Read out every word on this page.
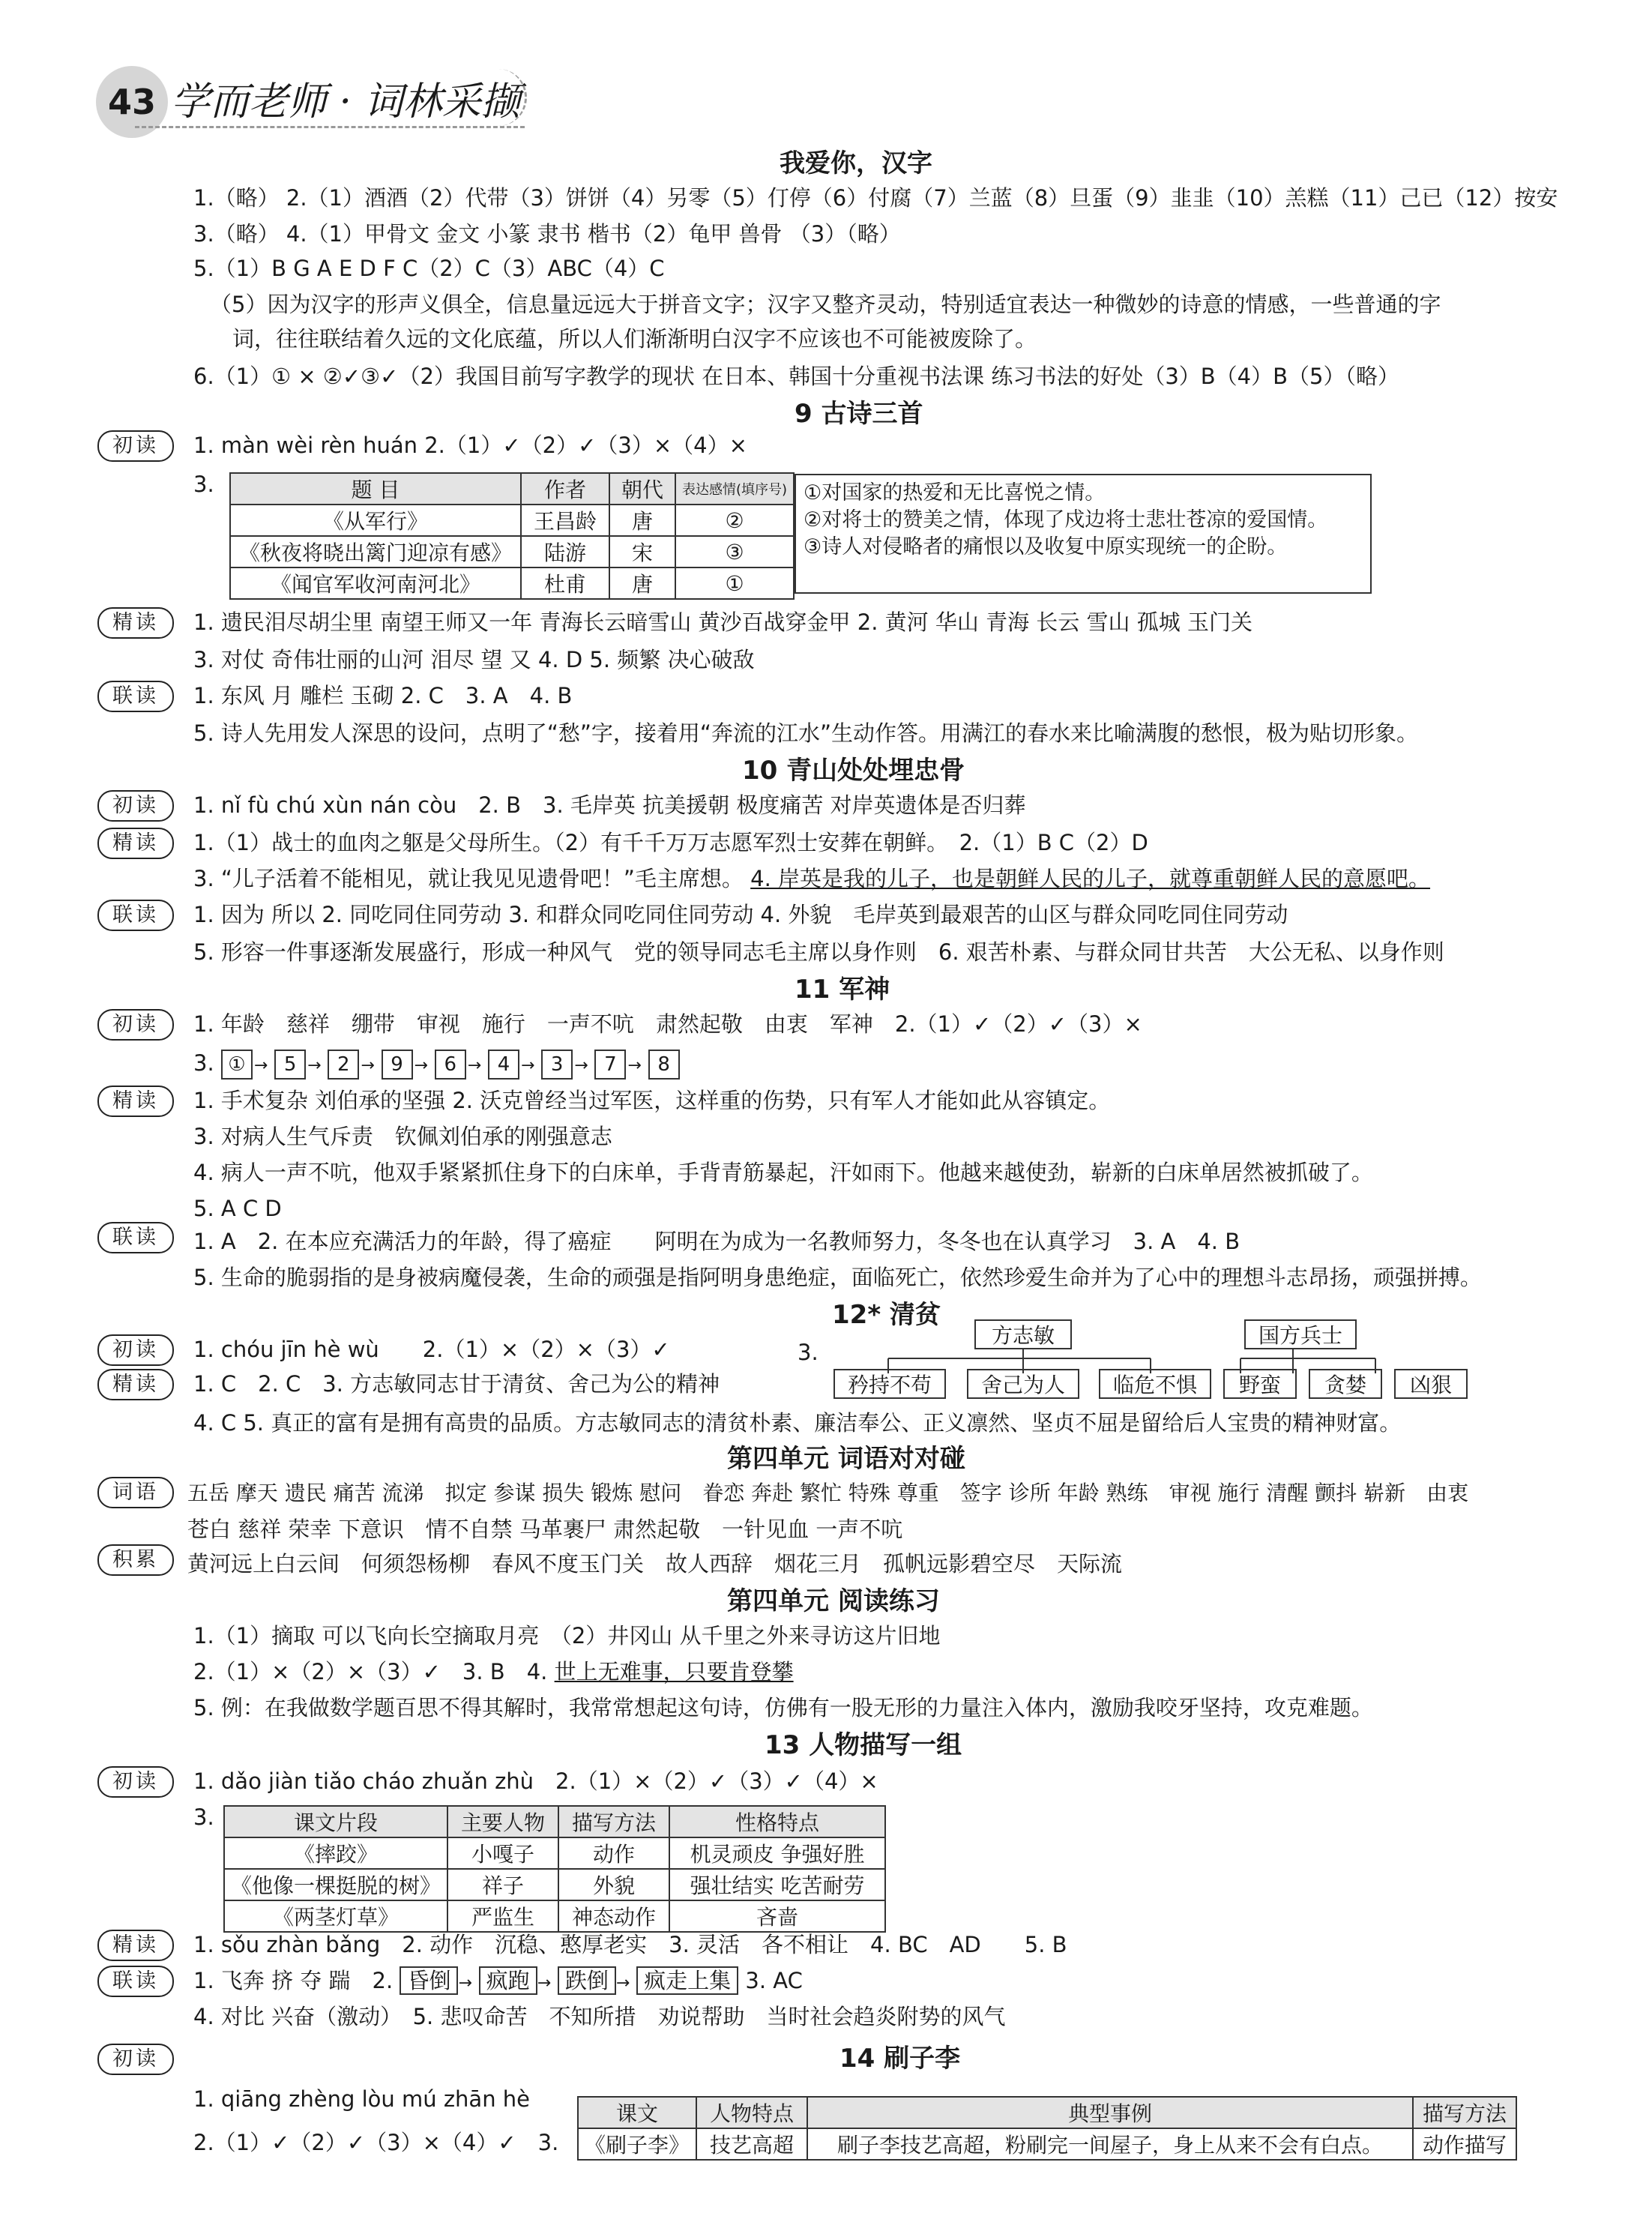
43 学而老师 · 词林采撷
我爱你，汉字
1.（略） 2.（1）酒酒（2）代带（3）饼饼（4）另零（5）仃停（6）付腐（7）兰蓝（8）旦蛋（9）韭韭（10）羔糕（11）己已（12）按安
3.（略） 4.（1）甲骨文 金文 小篆 隶书 楷书（2）龟甲 兽骨 （3）（略）
5.（1）B G A E D F C（2）C（3）ABC（4）C
（5）因为汉字的形声义俱全，信息量远远大于拼音文字；汉字又整齐灵动，特别适宜表达一种微妙的诗意的情感，一些普通的字
词，往往联结着久远的文化底蕴，所以人们渐渐明白汉字不应该也不可能被废除了。
6.（1）① × ②✓③✓（2）我国目前写字教学的现状 在日本、韩国十分重视书法课 练习书法的好处（3）B（4）B（5）（略）
9 古诗三首
初读	1. màn wèi rèn huán 2.（1）✓（2）✓（3）×（4）×
3.	题 目	作者	朝代	表达感情(填序号)
《从军行》	王昌龄	唐	②
《秋夜将晓出篱门迎凉有感》	陆游	宋	③
《闻官军收河南河北》	杜甫	唐	①
①对国家的热爱和无比喜悦之情。
②对将士的赞美之情，体现了戍边将士悲壮苍凉的爱国情。
③诗人对侵略者的痛恨以及收复中原实现统一的企盼。
精读	1. 遗民泪尽胡尘里 南望王师又一年 青海长云暗雪山 黄沙百战穿金甲 2. 黄河 华山 青海 长云 雪山 孤城 玉门关
3. 对仗 奇伟壮丽的山河 泪尽 望 又 4. D 5. 频繁 决心破敌
联读	1. 东风 月 雕栏 玉砌 2. C　3. A　4. B
5. 诗人先用发人深思的设问，点明了“愁”字，接着用“奔流的江水”生动作答。用满江的春水来比喻满腹的愁恨，极为贴切形象。
10 青山处处埋忠骨
初读	1. nǐ fù chú xùn nán còu　2. B　3. 毛岸英 抗美援朝 极度痛苦 对岸英遗体是否归葬
精读	1.（1）战士的血肉之躯是父母所生。（2）有千千万万志愿军烈士安葬在朝鲜。　2.（1）B C（2）D
3. “儿子活着不能相见，就让我见见遗骨吧！”毛主席想。 4. 岸英是我的儿子，也是朝鲜人民的儿子，就尊重朝鲜人民的意愿吧。
联读	1. 因为 所以 2. 同吃同住同劳动 3. 和群众同吃同住同劳动 4. 外貌　毛岸英到最艰苦的山区与群众同吃同住同劳动
5. 形容一件事逐渐发展盛行，形成一种风气　党的领导同志毛主席以身作则　6. 艰苦朴素、与群众同甘共苦　大公无私、以身作则
11 军神
初读	1. 年龄　慈祥　绷带　审视　施行　一声不吭　肃然起敬　由衷　军神　2.（1）✓（2）✓（3）×
3. ① → 5 → 2 → 9 → 6 → 4 → 3 → 7 → 8
精读	1. 手术复杂 刘伯承的坚强 2. 沃克曾经当过军医，这样重的伤势，只有军人才能如此从容镇定。
3. 对病人生气斥责　钦佩刘伯承的刚强意志
4. 病人一声不吭，他双手紧紧抓住身下的白床单，手背青筋暴起，汗如雨下。他越来越使劲，崭新的白床单居然被抓破了。
5. A C D
联读	1. A　2. 在本应充满活力的年龄，得了癌症　　阿明在为成为一名教师努力，冬冬也在认真学习　3. A　4. B
5. 生命的脆弱指的是身被病魔侵袭，生命的顽强是指阿明身患绝症，面临死亡，依然珍爱生命并为了心中的理想斗志昂扬，顽强拼搏。
12* 清贫
初读	1. chóu jīn hè wù　　2.（1）×（2）×（3）✓	3.
方志敏
矜持不苟	舍己为人	临危不惧
国方兵士
野蛮	贪婪	凶狠
精读	1. C　2. C　3. 方志敏同志甘于清贫、舍己为公的精神
4. C 5. 真正的富有是拥有高贵的品质。方志敏同志的清贫朴素、廉洁奉公、正义凛然、坚贞不屈是留给后人宝贵的精神财富。
第四单元 词语对对碰
词语	五岳 摩天 遗民 痛苦 流涕　拟定 参谋 损失 锻炼 慰问　眷恋 奔赴 繁忙 特殊 尊重　签字 诊所 年龄 熟练　审视 施行 清醒 颤抖 崭新　由衷
苍白 慈祥 荣幸 下意识　情不自禁 马革裹尸 肃然起敬　一针见血 一声不吭
积累	黄河远上白云间　何须怨杨柳　春风不度玉门关　故人西辞　烟花三月　孤帆远影碧空尽　天际流
第四单元 阅读练习
1.（1）摘取 可以飞向长空摘取月亮　（2）井冈山 从千里之外来寻访这片旧地
2.（1）×（2）×（3）✓　3. B　4. 世上无难事，只要肯登攀
5. 例：在我做数学题百思不得其解时，我常常想起这句诗，仿佛有一股无形的力量注入体内，激励我咬牙坚持，攻克难题。
13 人物描写一组
初读	1. dǎo jiàn tiǎo cháo zhuǎn zhù　2.（1）×（2）✓（3）✓（4）×
3.	课文片段	主要人物	描写方法	性格特点
《摔跤》	小嘎子	动作	机灵顽皮 争强好胜
《他像一棵挺脱的树》	祥子	外貌	强壮结实 吃苦耐劳
《两茎灯草》	严监生	神态动作	吝啬
精读	1. sǒu zhàn bǎng　2. 动作　沉稳、憨厚老实　3. 灵活　各不相让　4. BC　AD　　5. B
联读	1. 飞奔 挤 夺 踹　2. 昏倒 → 疯跑 → 跌倒 → 疯走上集 3. AC
4. 对比 兴奋（激动）　5. 悲叹命苦　不知所措　劝说帮助　当时社会趋炎附势的风气
初读	14 刷子李
1. qiāng zhèng lòu mú zhān hè
2.（1）✓（2）✓（3）×（4）✓　3.
课文	人物特点	典型事例	描写方法
《刷子李》	技艺高超	刷子李技艺高超，粉刷完一间屋子，身上从来不会有白点。	动作描写
